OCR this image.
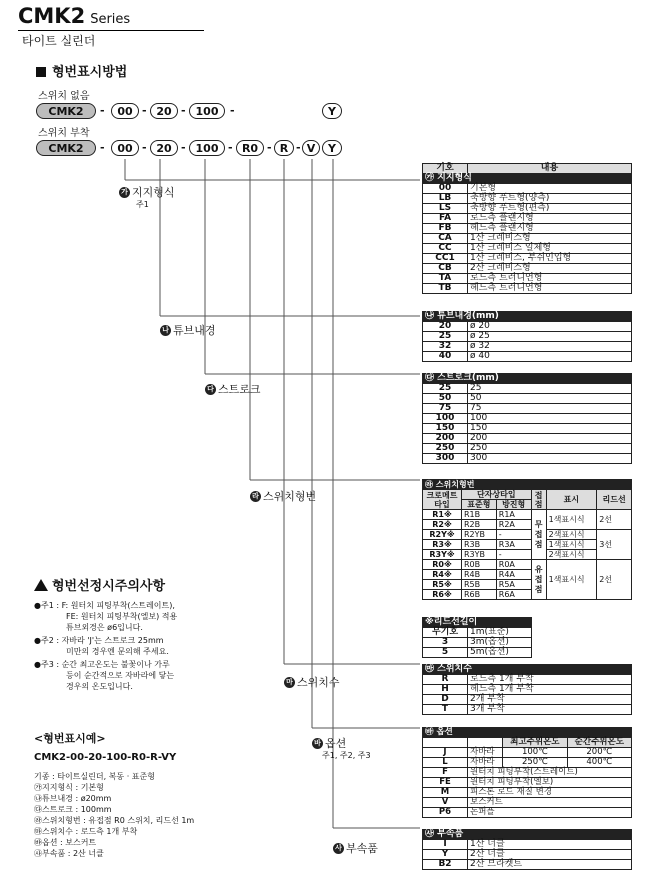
CMK2 Series
타이트 실린더
형번표시방법
스위치 없음
CMK2	-	00 - 20 - 100	-	Y
스위치 부착
CMK2	-	00 - 20 - 100 - R0 - R - V	Y
가 지지형식
주1
나 튜브내경
다 스트로크
라 스위치형번
마 스위치수
바 옵션
주1, 주2, 주3
사 부속품
기호	내용
㉮ 지지형식	
00	기본형
LB	축방향 푸트형(양측)
LS	축방향 푸트형(편측)
FA	로드측 플랜지형
FB	헤드측 플랜지형
CA	1산 크레비스형
CC	1산 크레비스 일체형
CC1	1산 크레비스, 부쉬인입형
CB	2산 크레비스형
TA	로드측 트러니언형
TB	헤드측 트러니언형
㉯ 튜브내경(mm)	
20	ø 20
25	ø 25
32	ø 32
40	ø 40
㉰ 스트로크(mm)	
25	25
50	50
75	75
100	100
150	150
200	200
250	250
300	300
㉱ 스위치형번					
크로메트 타입	단자상타입		접점	표시	리드선
	표준형	방진형			
R1※	R1B	R1A	무접점	1색표시식	2선
R2※	R2B	R2A			
R2Y※	R2YB	-		2색표시식	3선
R3※	R3B	R3A		1색표시식	
R3Y※	R3YB	-		2색표시식	
R0※	R0B	R0A	유접점	1색표시식	2선
R4※	R4B	R4A			
R5※	R5B	R5A			
R6※	R6B	R6A			
※리드선길이	
무기호	1m(표준)
3	3m(옵션)
5	5m(옵션)
㉲ 스위치수	
R	로드측 1개 부착
H	헤드측 1개 부착
D	2개 부착
T	3개 부착
㉳ 옵션			
		최고주위온도	순간주위온도
J	자바라	100℃	200℃
L	자바라	250℃	400℃
F	원터치 피팅부착(스트레이트)		
FE	원터치 피팅부착(엘보)		
M	피스톤 로드 재질 변경		
V	보스커트		
P6	논퍼플		
㉴ 부속품	
I	1산 너클
Y	2산 너클
B2	2산 브라켓트
형번선정시주의사항
●주1 : F: 원터치 피팅부착(스트레이트),
FE: 원터치 피팅부착(엘보) 적용
튜브외경은 ø6입니다.
●주2 : 자바라 'J'는 스트로크 25mm
미만의 경우엔 문의해 주세요.
●주3 : 순간 최고온도는 불꽃이나 가루
등이 순간적으로 자바라에 닿는
경우의 온도입니다.
<형번표시예>
CMK2-00-20-100-R0-R-VY
기종 : 타이트실린더, 복동 · 표준형
㉮지지형식 : 기본형
㉯튜브내경 : ø20mm
㉰스트로크 : 100mm
㉱스위치형번 : 유접점 R0 스위치, 리드선 1m
㉲스위치수 : 로드측 1개 부착
㉳옵션 : 보스커트
㉴부속품 : 2산 너클
